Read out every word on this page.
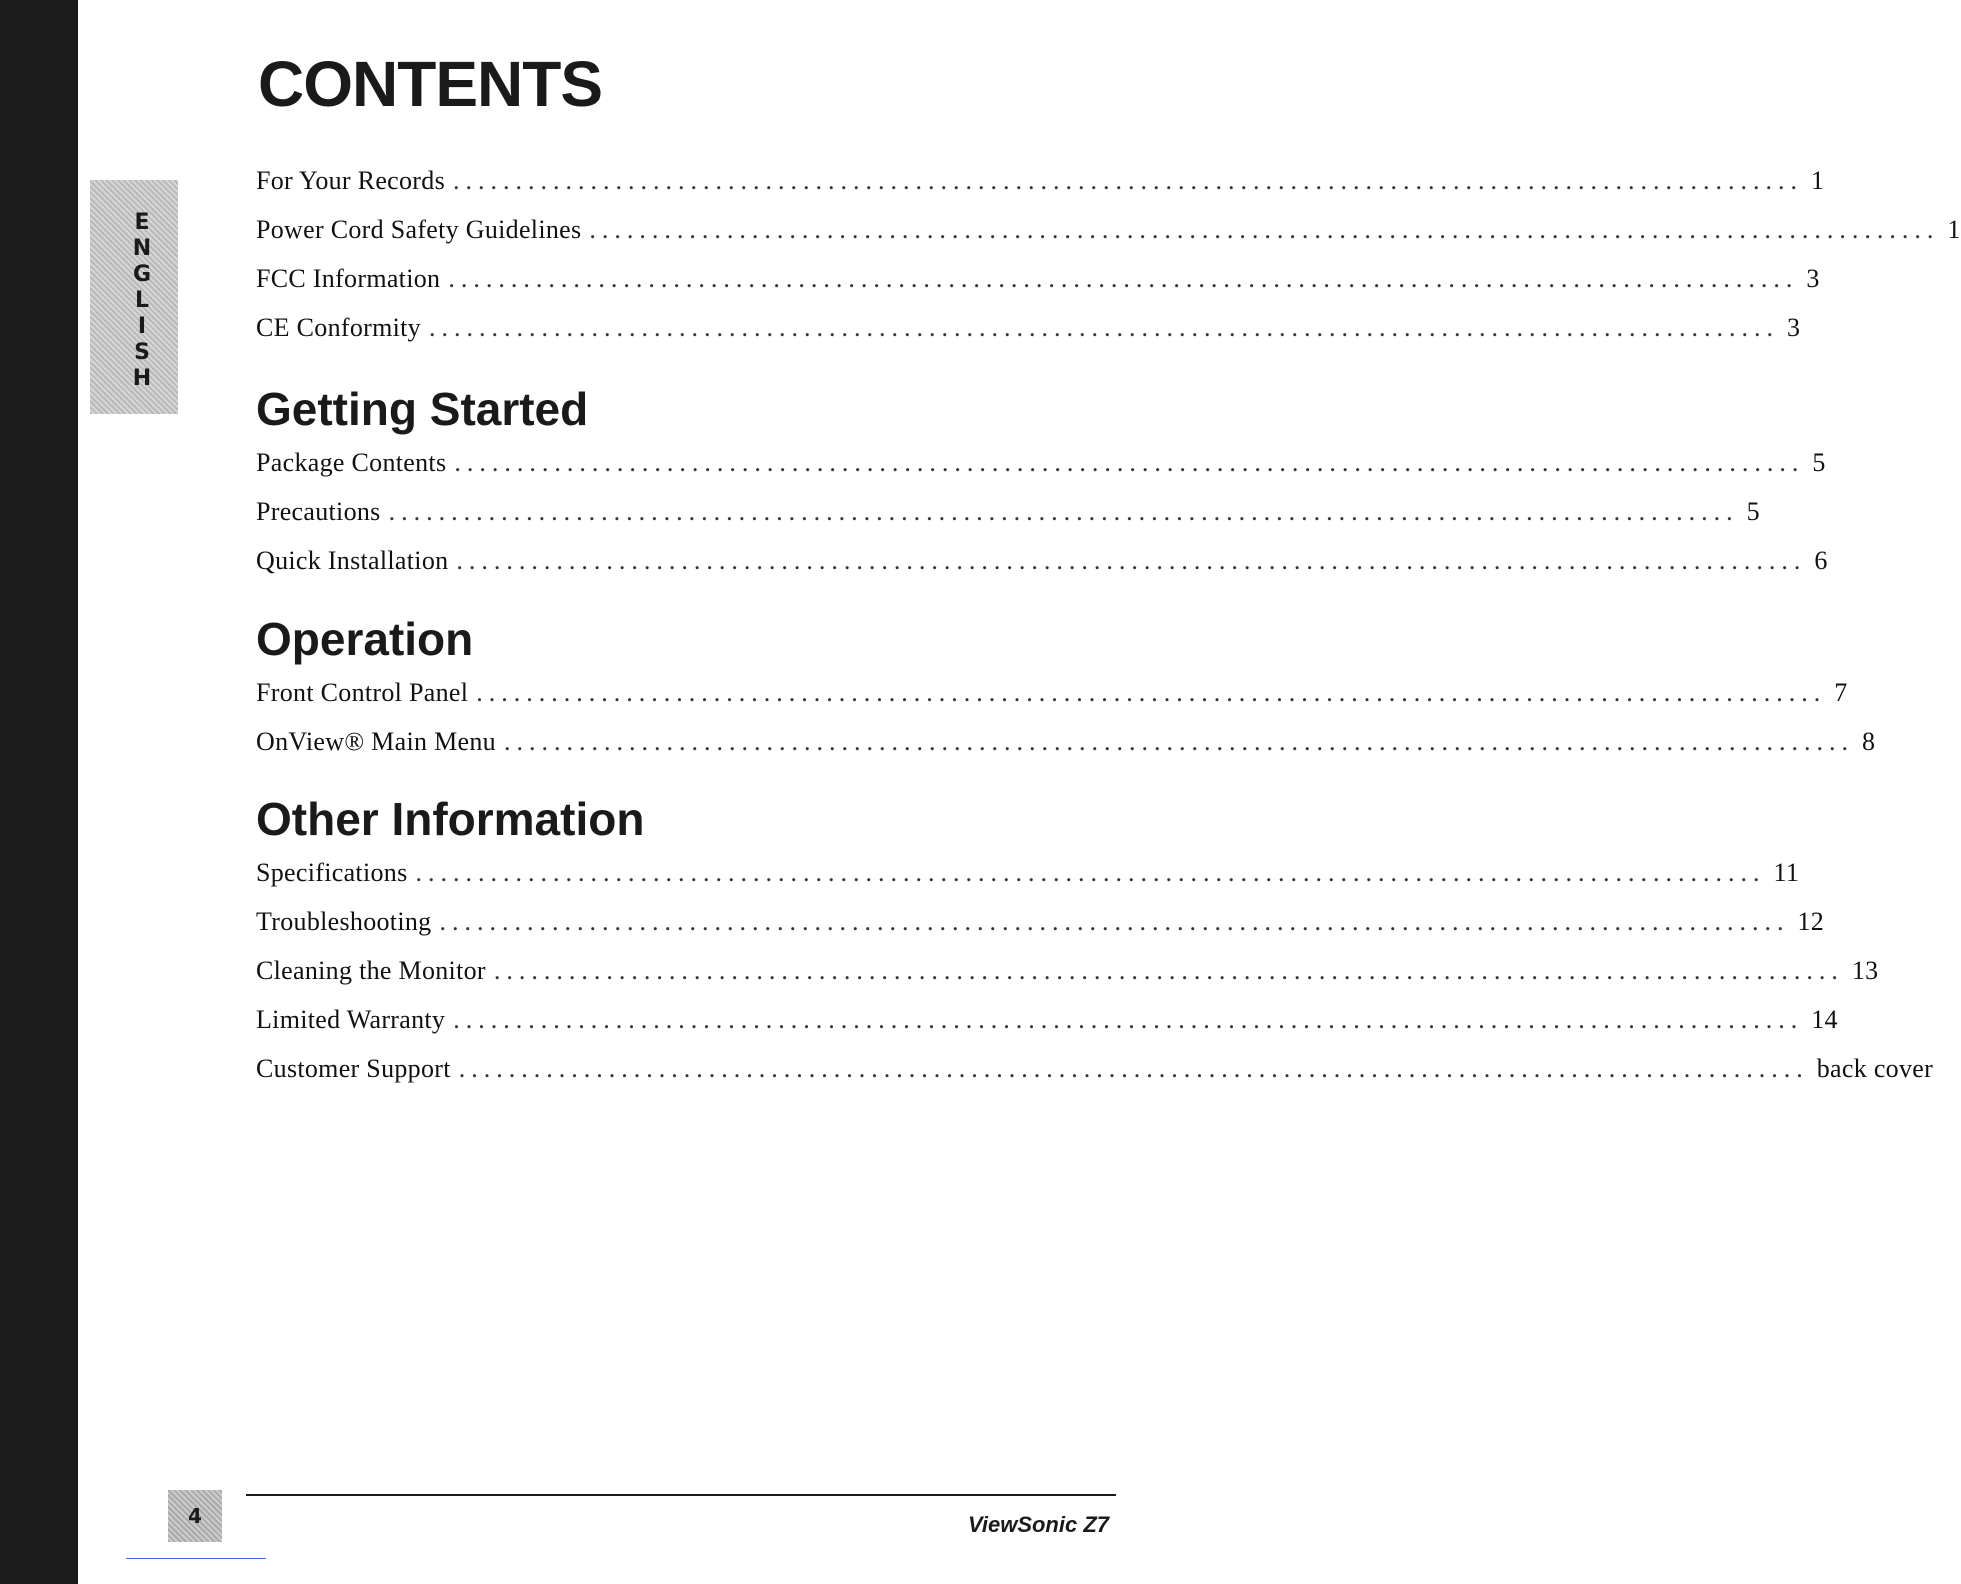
E
N
G
L
I
S
H
CONTENTS
For Your Records ............................................................................................................ 1
Power Cord Safety Guidelines ............................................................................................................ 1
FCC Information ............................................................................................................ 3
CE Conformity ............................................................................................................ 3
Getting Started
Package Contents ............................................................................................................ 5
Precautions ............................................................................................................ 5
Quick Installation ............................................................................................................ 6
Operation
Front Control Panel ............................................................................................................ 7
OnView® Main Menu ............................................................................................................ 8
Other Information
Specifications ............................................................................................................ 11
Troubleshooting ............................................................................................................ 12
Cleaning the Monitor ............................................................................................................ 13
Limited Warranty ............................................................................................................ 14
Customer Support ............................................................................................................ back cover
4	ViewSonic Z7
